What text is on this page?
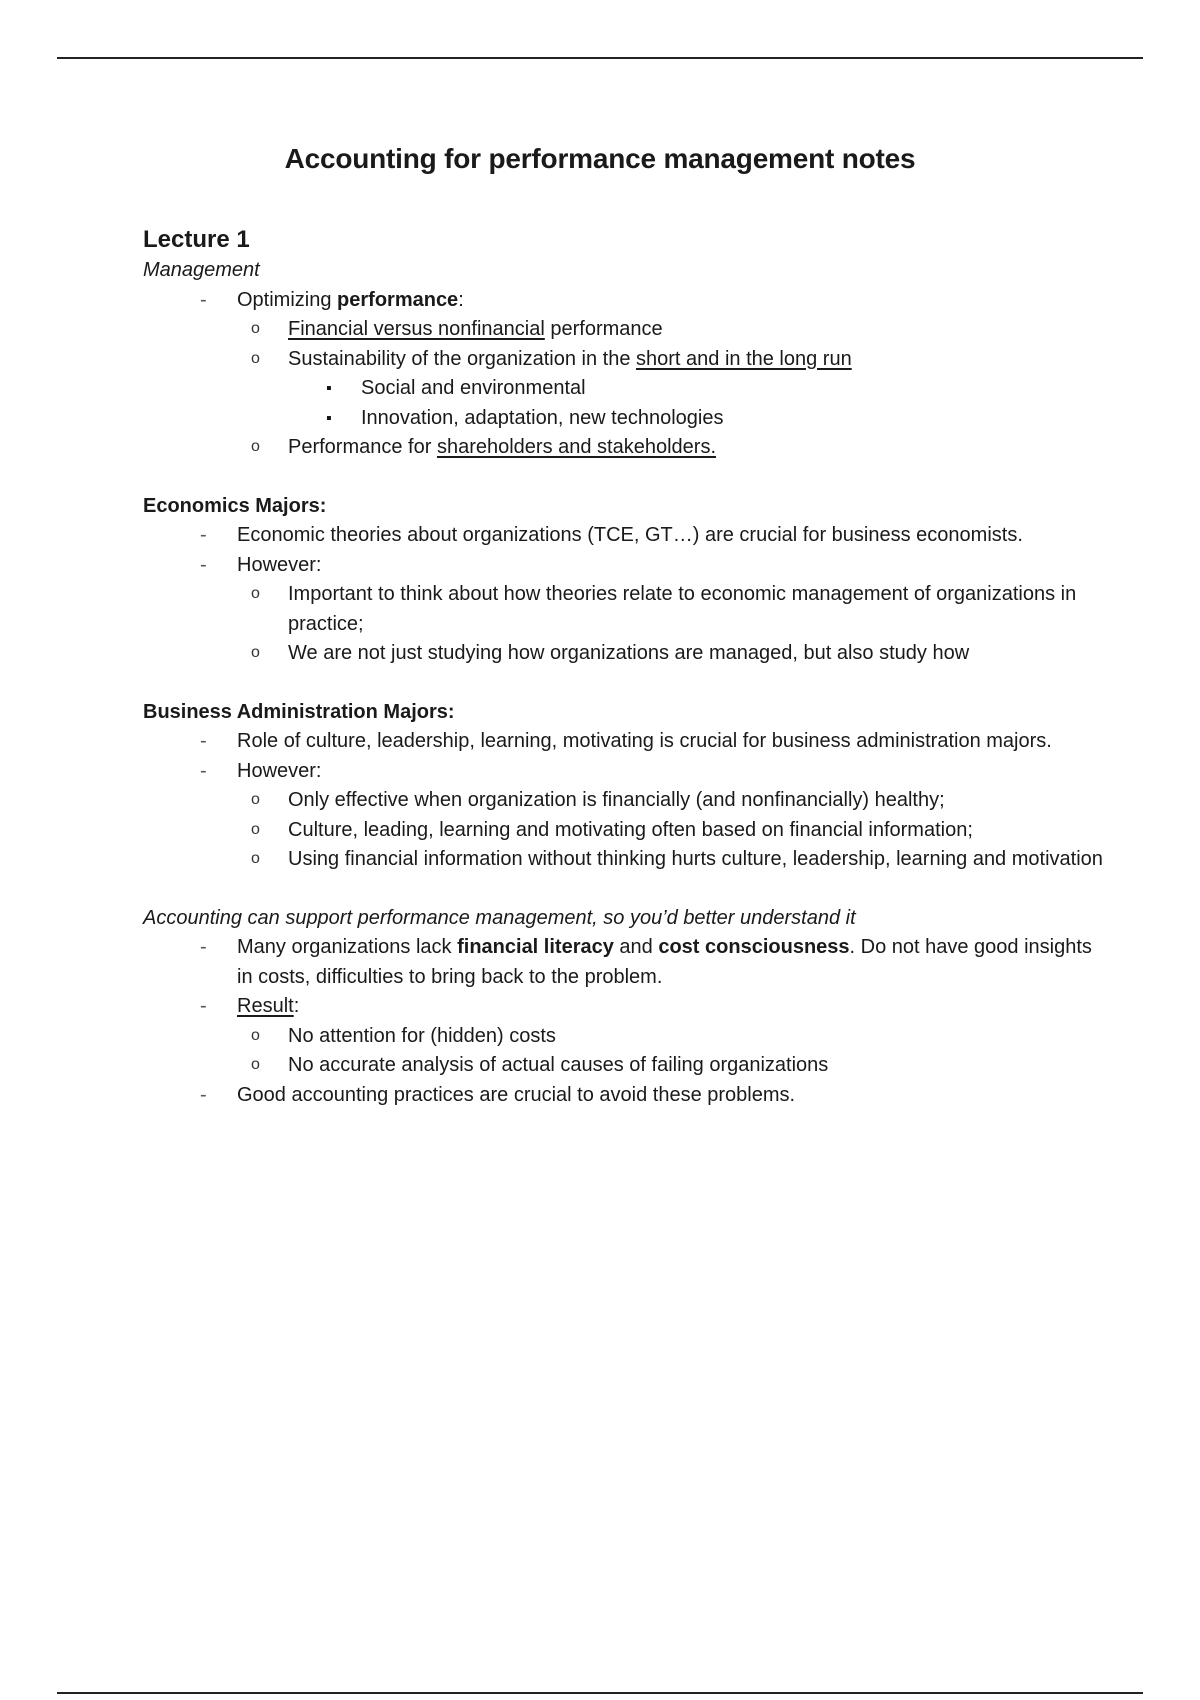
Accounting for performance management notes
Lecture 1
Management
- Optimizing performance:
o Financial versus nonfinancial performance
o Sustainability of the organization in the short and in the long run
▪ Social and environmental
▪ Innovation, adaptation, new technologies
o Performance for shareholders and stakeholders.
Economics Majors:
- Economic theories about organizations (TCE, GT…) are crucial for business economists.
- However:
o Important to think about how theories relate to economic management of organizations in practice;
o We are not just studying how organizations are managed, but also study how
Business Administration Majors:
- Role of culture, leadership, learning, motivating is crucial for business administration majors.
- However:
o Only effective when organization is financially (and nonfinancially) healthy;
o Culture, leading, learning and motivating often based on financial information;
o Using financial information without thinking hurts culture, leadership, learning and motivation
Accounting can support performance management, so you’d better understand it
- Many organizations lack financial literacy and cost consciousness. Do not have good insights in costs, difficulties to bring back to the problem.
- Result:
o No attention for (hidden) costs
o No accurate analysis of actual causes of failing organizations
- Good accounting practices are crucial to avoid these problems.
